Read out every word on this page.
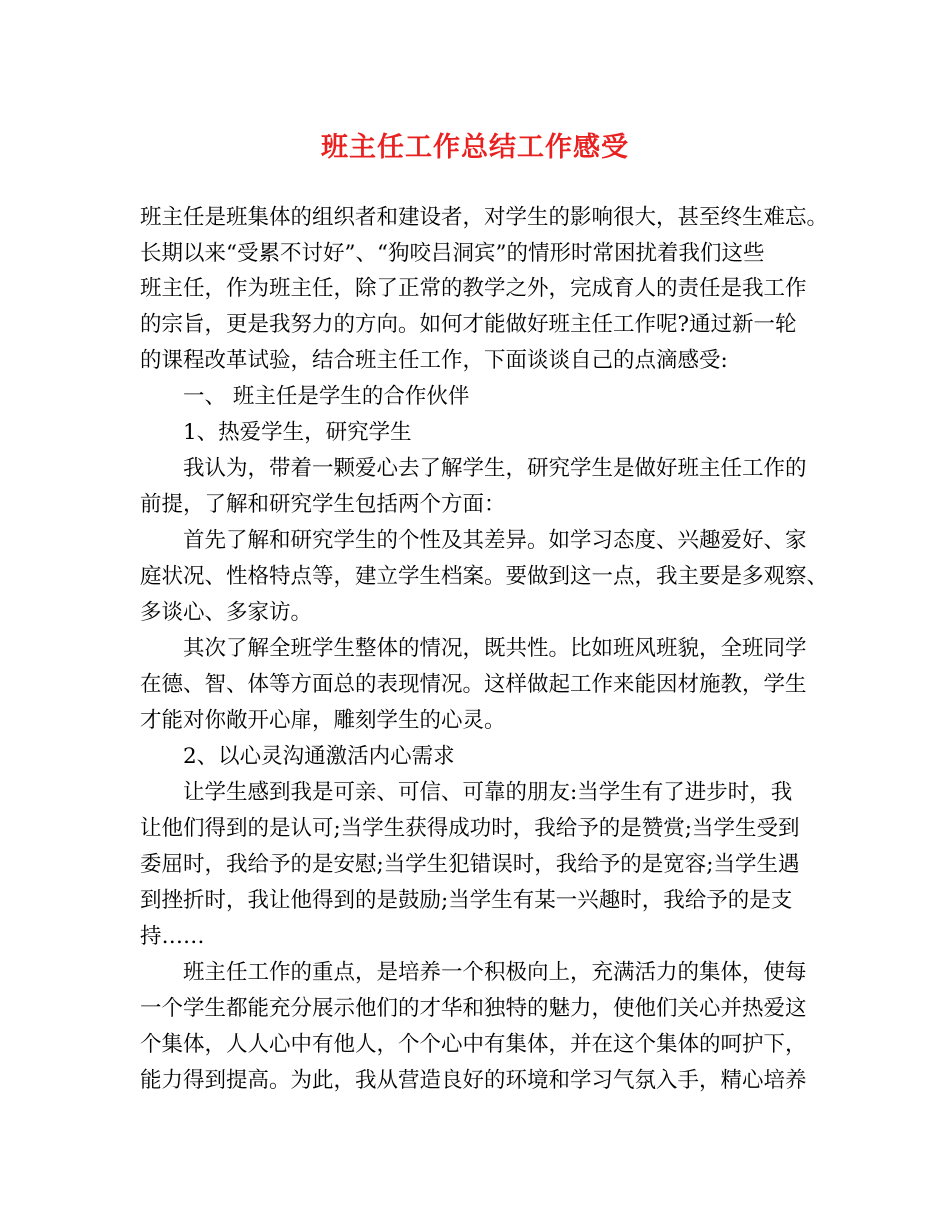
班主任工作总结工作感受
班主任是班集体的组织者和建设者，对学生的影响很大，甚至终生难忘。
长期以来“受累不讨好”、“狗咬吕洞宾”的情形时常困扰着我们这些
班主任，作为班主任，除了正常的教学之外，完成育人的责任是我工作
的宗旨，更是我努力的方向。如何才能做好班主任工作呢?通过新一轮
的课程改革试验，结合班主任工作，下面谈谈自己的点滴感受:
一、 班主任是学生的合作伙伴
1、热爱学生，研究学生
我认为，带着一颗爱心去了解学生，研究学生是做好班主任工作的
前提，了解和研究学生包括两个方面：
首先了解和研究学生的个性及其差异。如学习态度、兴趣爱好、家
庭状况、性格特点等，建立学生档案。要做到这一点，我主要是多观察、
多谈心、多家访。
其次了解全班学生整体的情况，既共性。比如班风班貌，全班同学
在德、智、体等方面总的表现情况。这样做起工作来能因材施教，学生
才能对你敞开心扉，雕刻学生的心灵。
2、以心灵沟通激活内心需求
让学生感到我是可亲、可信、可靠的朋友:当学生有了进步时，我
让他们得到的是认可;当学生获得成功时，我给予的是赞赏;当学生受到
委屈时，我给予的是安慰;当学生犯错误时，我给予的是宽容;当学生遇
到挫折时，我让他得到的是鼓励;当学生有某一兴趣时，我给予的是支
持……
班主任工作的重点，是培养一个积极向上，充满活力的集体，使每
一个学生都能充分展示他们的才华和独特的魅力，使他们关心并热爱这
个集体，人人心中有他人，个个心中有集体，并在这个集体的呵护下，
能力得到提高。为此，我从营造良好的环境和学习气氛入手，精心培养
